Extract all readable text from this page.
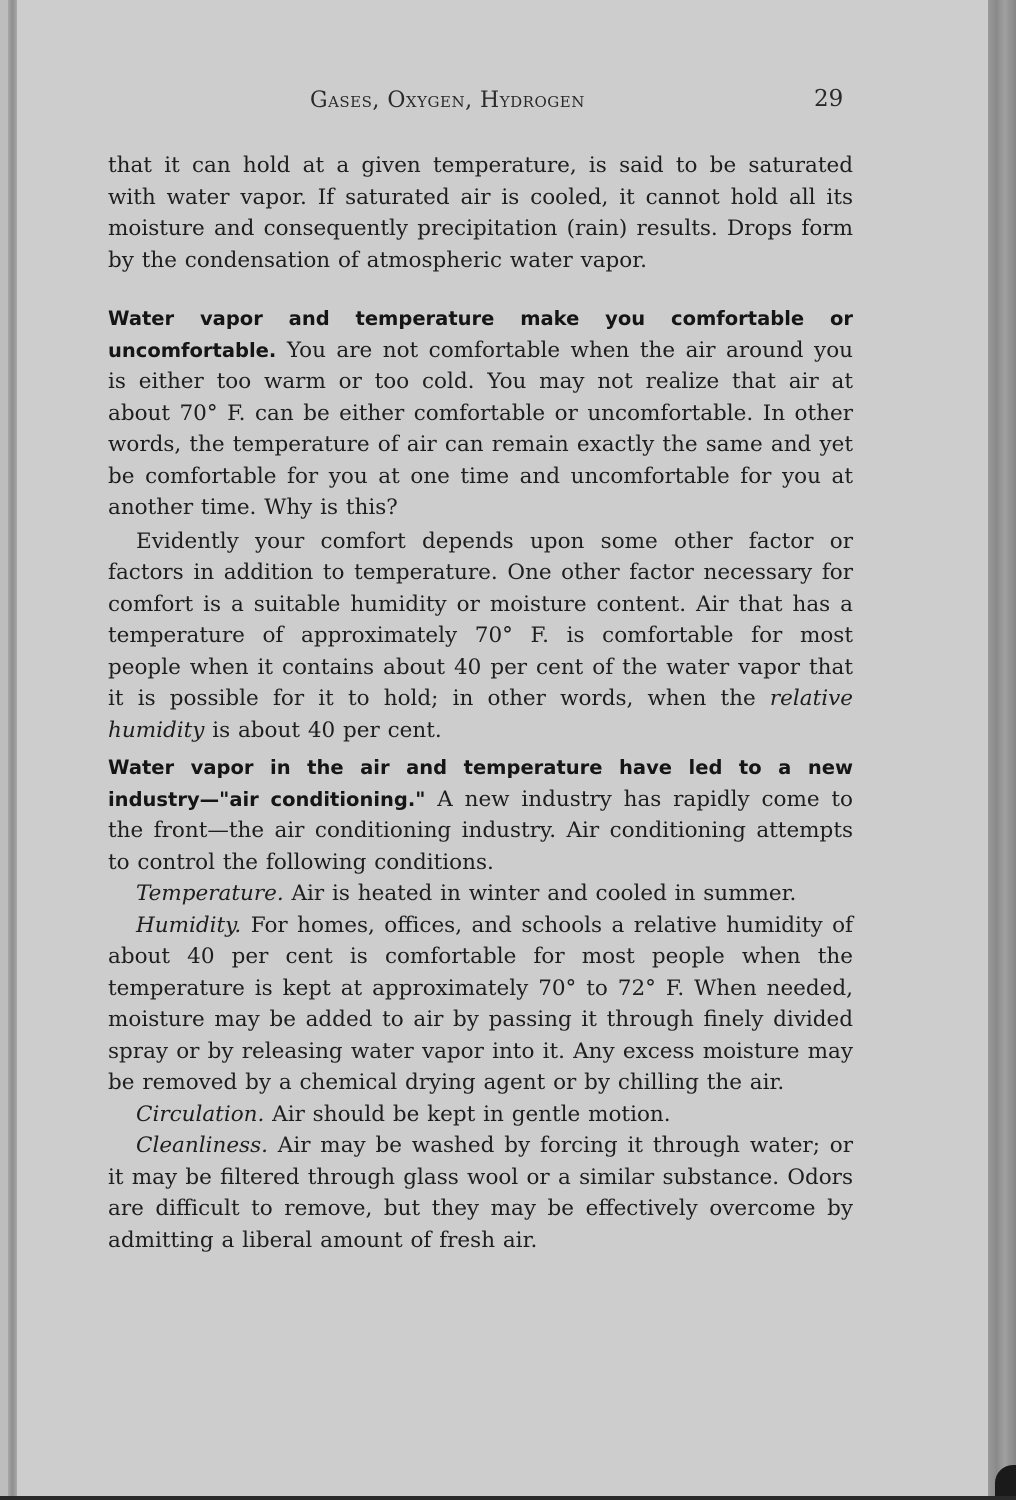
Gases, Oxygen, Hydrogen	29

that it can hold at a given temperature, is said to be saturated with water vapor. If saturated air is cooled, it cannot hold all its moisture and consequently precipitation (rain) results. Drops form by the condensation of atmospheric water vapor.

Water vapor and temperature make you comfortable or uncomfortable. You are not comfortable when the air around you is either too warm or too cold. You may not realize that air at about 70° F. can be either comfortable or uncomfortable. In other words, the temperature of air can remain exactly the same and yet be comfortable for you at one time and uncomfortable for you at another time. Why is this?

Evidently your comfort depends upon some other factor or factors in addition to temperature. One other factor necessary for comfort is a suitable humidity or moisture content. Air that has a temperature of approximately 70° F. is comfortable for most people when it contains about 40 per cent of the water vapor that it is possible for it to hold; in other words, when the relative humidity is about 40 per cent.

Water vapor in the air and temperature have led to a new industry—"air conditioning." A new industry has rapidly come to the front—the air conditioning industry. Air conditioning attempts to control the following conditions.

Temperature. Air is heated in winter and cooled in summer.

Humidity. For homes, offices, and schools a relative humidity of about 40 per cent is comfortable for most people when the temperature is kept at approximately 70° to 72° F. When needed, moisture may be added to air by passing it through finely divided spray or by releasing water vapor into it. Any excess moisture may be removed by a chemical drying agent or by chilling the air.

Circulation. Air should be kept in gentle motion.

Cleanliness. Air may be washed by forcing it through water; or it may be filtered through glass wool or a similar substance. Odors are difficult to remove, but they may be effectively overcome by admitting a liberal amount of fresh air.
